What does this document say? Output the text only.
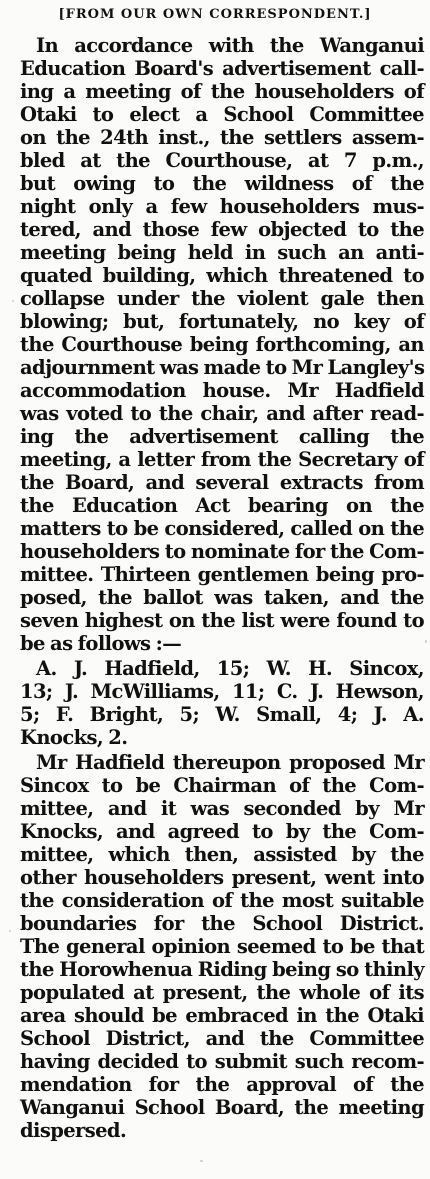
[FROM OUR OWN CORRESPONDENT.]
In accordance with the Wanganui
Education Board's advertisement call-
ing a meeting of the householders of
Otaki to elect a School Committee
on the 24th inst., the settlers assem-
bled at the Courthouse, at 7 p.m.,
but owing to the wildness of the
night only a few householders mus-
tered, and those few objected to the
meeting being held in such an anti-
quated building, which threatened to
collapse under the violent gale then
blowing; but, fortunately, no key of
the Courthouse being forthcoming, an
adjournment was made to Mr Langley's
accommodation house. Mr Hadfield
was voted to the chair, and after read-
ing the advertisement calling the
meeting, a letter from the Secretary of
the Board, and several extracts from
the Education Act bearing on the
matters to be considered, called on the
householders to nominate for the Com-
mittee. Thirteen gentlemen being pro-
posed, the ballot was taken, and the
seven highest on the list were found to
be as follows :—
A. J. Hadfield, 15; W. H. Sincox,
13; J. McWilliams, 11; C. J. Hewson,
5; F. Bright, 5; W. Small, 4; J. A.
Knocks, 2.
Mr Hadfield thereupon proposed Mr
Sincox to be Chairman of the Com-
mittee, and it was seconded by Mr
Knocks, and agreed to by the Com-
mittee, which then, assisted by the
other householders present, went into
the consideration of the most suitable
boundaries for the School District.
The general opinion seemed to be that
the Horowhenua Riding being so thinly
populated at present, the whole of its
area should be embraced in the Otaki
School District, and the Committee
having decided to submit such recom-
mendation for the approval of the
Wanganui School Board, the meeting
dispersed.
